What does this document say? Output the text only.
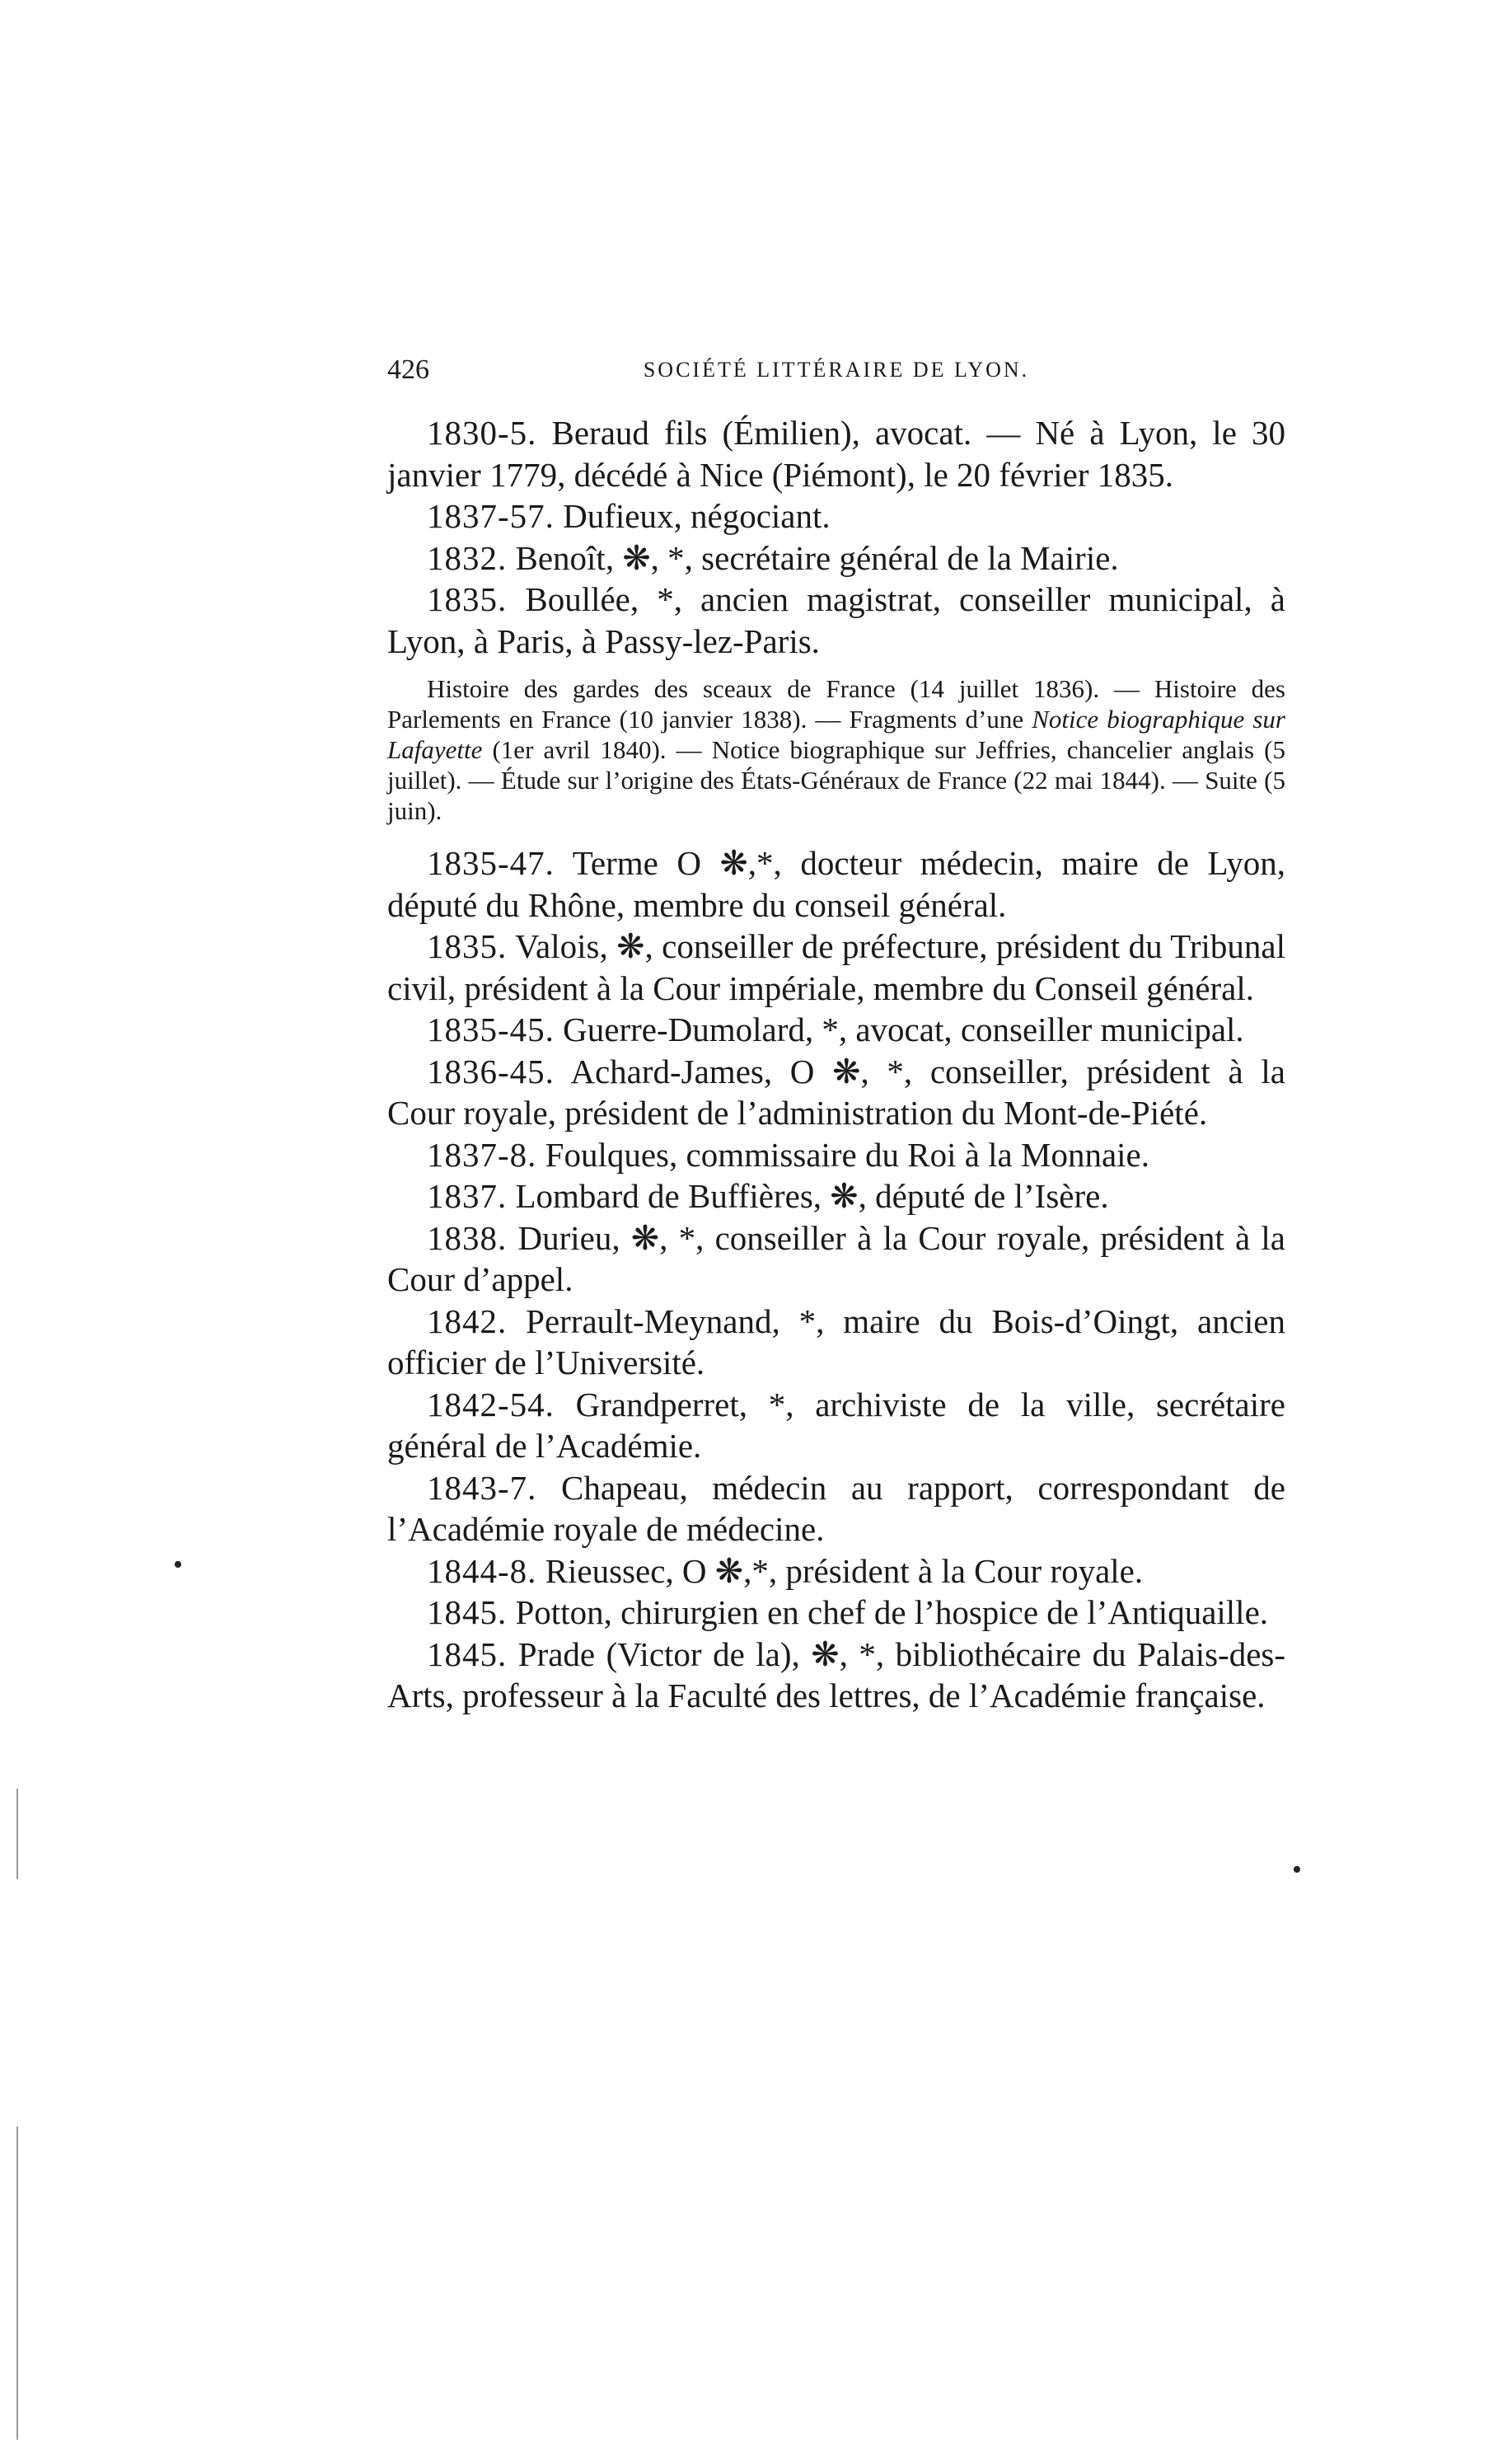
426	SOCIÉTÉ LITTÉRAIRE DE LYON.

1830-5. Beraud fils (Émilien), avocat. — Né à Lyon, le 30 janvier 1779, décédé à Nice (Piémont), le 20 février 1835.

1837-57. Dufieux, négociant.

1832. Benoît, ❋, *, secrétaire général de la Mairie.

1835. Boullée, *, ancien magistrat, conseiller municipal, à Lyon, à Paris, à Passy-lez-Paris.

Histoire des gardes des sceaux de France (14 juillet 1836). — Histoire des Parlements en France (10 janvier 1838). — Fragments d’une Notice biographique sur Lafayette (1er avril 1840). — Notice biographique sur Jeffries, chancelier anglais (5 juillet). — Étude sur l’origine des États-Généraux de France (22 mai 1844). — Suite (5 juin).

1835-47. Terme O ❋,*, docteur médecin, maire de Lyon, député du Rhône, membre du conseil général.

1835. Valois, ❋, conseiller de préfecture, président du Tribunal civil, président à la Cour impériale, membre du Conseil général.

1835-45. Guerre-Dumolard, *, avocat, conseiller municipal.

1836-45. Achard-James, O ❋, *, conseiller, président à la Cour royale, président de l’administration du Mont-de-Piété.

1837-8. Foulques, commissaire du Roi à la Monnaie.

1837. Lombard de Buffières, ❋, député de l’Isère.

1838. Durieu, ❋, *, conseiller à la Cour royale, président à la Cour d’appel.

1842. Perrault-Meynand, *, maire du Bois-d’Oingt, ancien officier de l’Université.

1842-54. Grandperret, *, archiviste de la ville, secrétaire général de l’Académie.

1843-7. Chapeau, médecin au rapport, correspondant de l’Académie royale de médecine.

1844-8. Rieussec, O ❋,*, président à la Cour royale.

1845. Potton, chirurgien en chef de l’hospice de l’Antiquaille.

1845. Prade (Victor de la), ❋, *, bibliothécaire du Palais-des-Arts, professeur à la Faculté des lettres, de l’Académie française.

•
•
